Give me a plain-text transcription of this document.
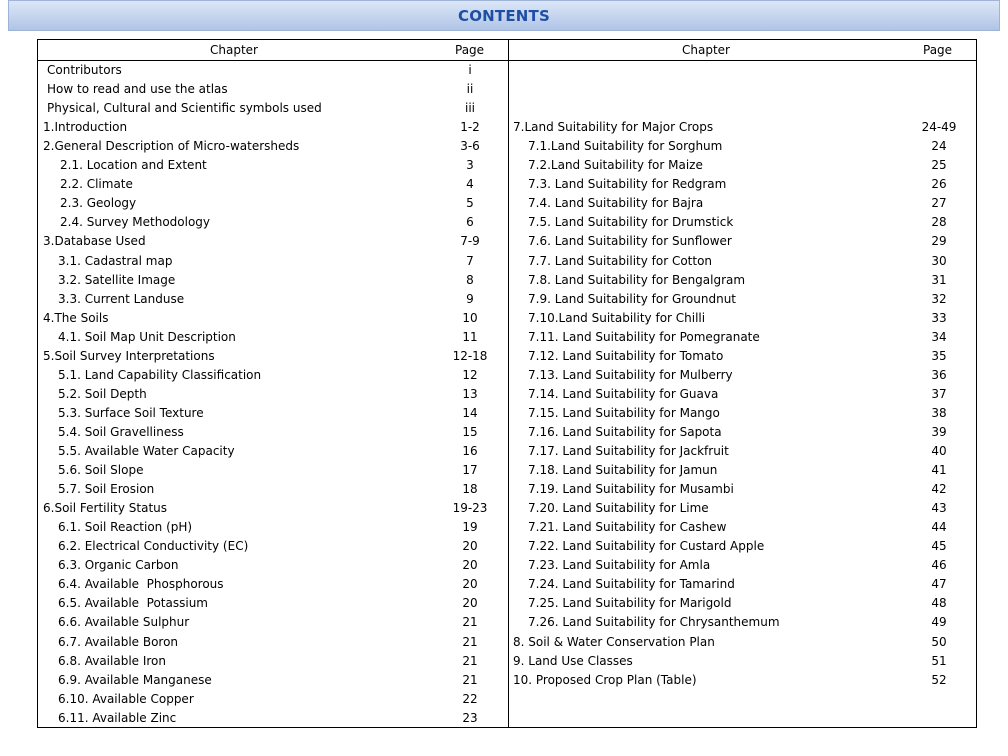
CONTENTS
Chapter	Page	Chapter	Page
Contributors	i
How to read and use the atlas	ii
Physical, Cultural and Scientific symbols used	iii
1.Introduction	1-2
2.General Description of Micro-watersheds	3-6
2.1. Location and Extent	3
2.2. Climate	4
2.3. Geology	5
2.4. Survey Methodology	6
3.Database Used	7-9
3.1. Cadastral map	7
3.2. Satellite Image	8
3.3. Current Landuse	9
4.The Soils	10
4.1. Soil Map Unit Description	11
5.Soil Survey Interpretations	12-18
5.1. Land Capability Classification	12
5.2. Soil Depth	13
5.3. Surface Soil Texture	14
5.4. Soil Gravelliness	15
5.5. Available Water Capacity	16
5.6. Soil Slope	17
5.7. Soil Erosion	18
6.Soil Fertility Status	19-23
6.1. Soil Reaction (pH)	19
6.2. Electrical Conductivity (EC)	20
6.3. Organic Carbon	20
6.4. Available  Phosphorous	20
6.5. Available  Potassium	20
6.6. Available Sulphur	21
6.7. Available Boron	21
6.8. Available Iron	21
6.9. Available Manganese	21
6.10. Available Copper	22
6.11. Available Zinc	23
7.Land Suitability for Major Crops	24-49
7.1.Land Suitability for Sorghum	24
7.2.Land Suitability for Maize	25
7.3. Land Suitability for Redgram	26
7.4. Land Suitability for Bajra	27
7.5. Land Suitability for Drumstick	28
7.6. Land Suitability for Sunflower	29
7.7. Land Suitability for Cotton	30
7.8. Land Suitability for Bengalgram	31
7.9. Land Suitability for Groundnut	32
7.10.Land Suitability for Chilli	33
7.11. Land Suitability for Pomegranate	34
7.12. Land Suitability for Tomato	35
7.13. Land Suitability for Mulberry	36
7.14. Land Suitability for Guava	37
7.15. Land Suitability for Mango	38
7.16. Land Suitability for Sapota	39
7.17. Land Suitability for Jackfruit	40
7.18. Land Suitability for Jamun	41
7.19. Land Suitability for Musambi	42
7.20. Land Suitability for Lime	43
7.21. Land Suitability for Cashew	44
7.22. Land Suitability for Custard Apple	45
7.23. Land Suitability for Amla	46
7.24. Land Suitability for Tamarind	47
7.25. Land Suitability for Marigold	48
7.26. Land Suitability for Chrysanthemum	49
8. Soil & Water Conservation Plan	50
9. Land Use Classes	51
10. Proposed Crop Plan (Table)	52
